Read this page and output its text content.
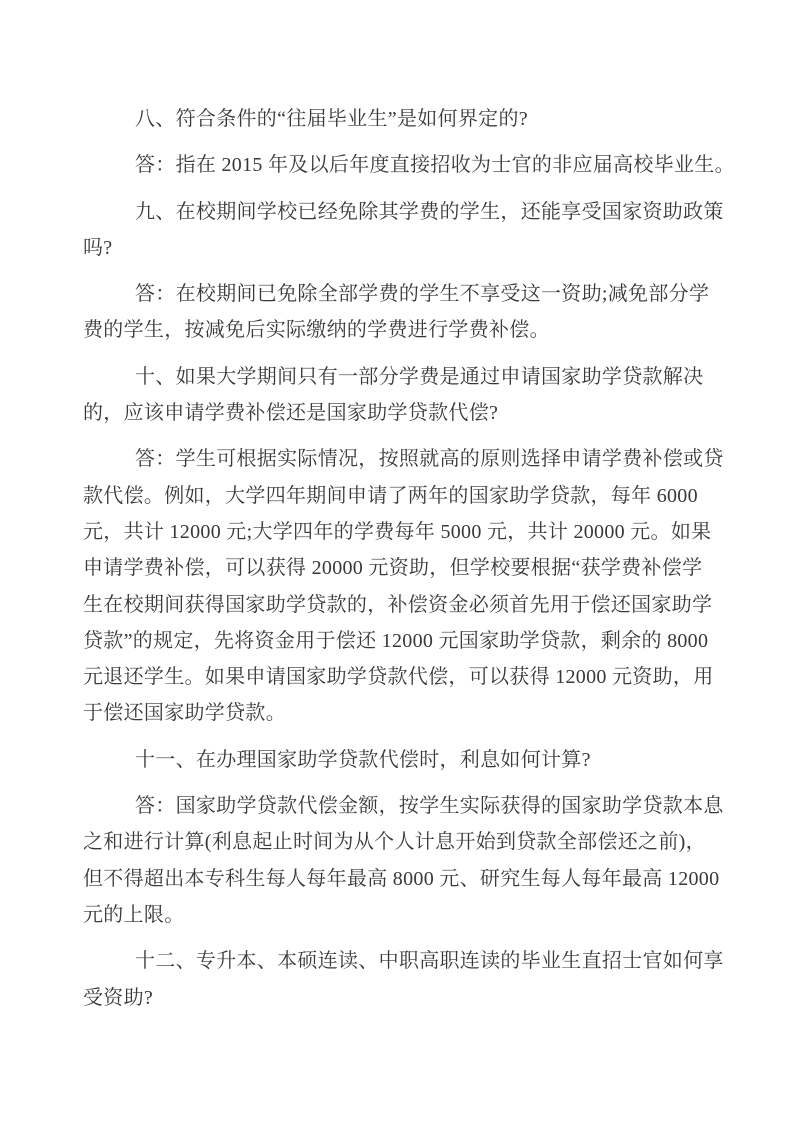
八、符合条件的“往届毕业生”是如何界定的?
答：指在 2015 年及以后年度直接招收为士官的非应届高校毕业生。
九、在校期间学校已经免除其学费的学生，还能享受国家资助政策
吗?
答：在校期间已免除全部学费的学生不享受这一资助;减免部分学
费的学生，按减免后实际缴纳的学费进行学费补偿。
十、如果大学期间只有一部分学费是通过申请国家助学贷款解决
的，应该申请学费补偿还是国家助学贷款代偿?
答：学生可根据实际情况，按照就高的原则选择申请学费补偿或贷
款代偿。例如，大学四年期间申请了两年的国家助学贷款，每年 6000
元，共计 12000 元;大学四年的学费每年 5000 元，共计 20000 元。如果
申请学费补偿，可以获得 20000 元资助，但学校要根据“获学费补偿学
生在校期间获得国家助学贷款的，补偿资金必须首先用于偿还国家助学
贷款”的规定，先将资金用于偿还 12000 元国家助学贷款，剩余的 8000
元退还学生。如果申请国家助学贷款代偿，可以获得 12000 元资助，用
于偿还国家助学贷款。
十一、在办理国家助学贷款代偿时，利息如何计算?
答：国家助学贷款代偿金额，按学生实际获得的国家助学贷款本息
之和进行计算(利息起止时间为从个人计息开始到贷款全部偿还之前)，
但不得超出本专科生每人每年最高 8000 元、研究生每人每年最高 12000
元的上限。
十二、专升本、本硕连读、中职高职连读的毕业生直招士官如何享
受资助?
